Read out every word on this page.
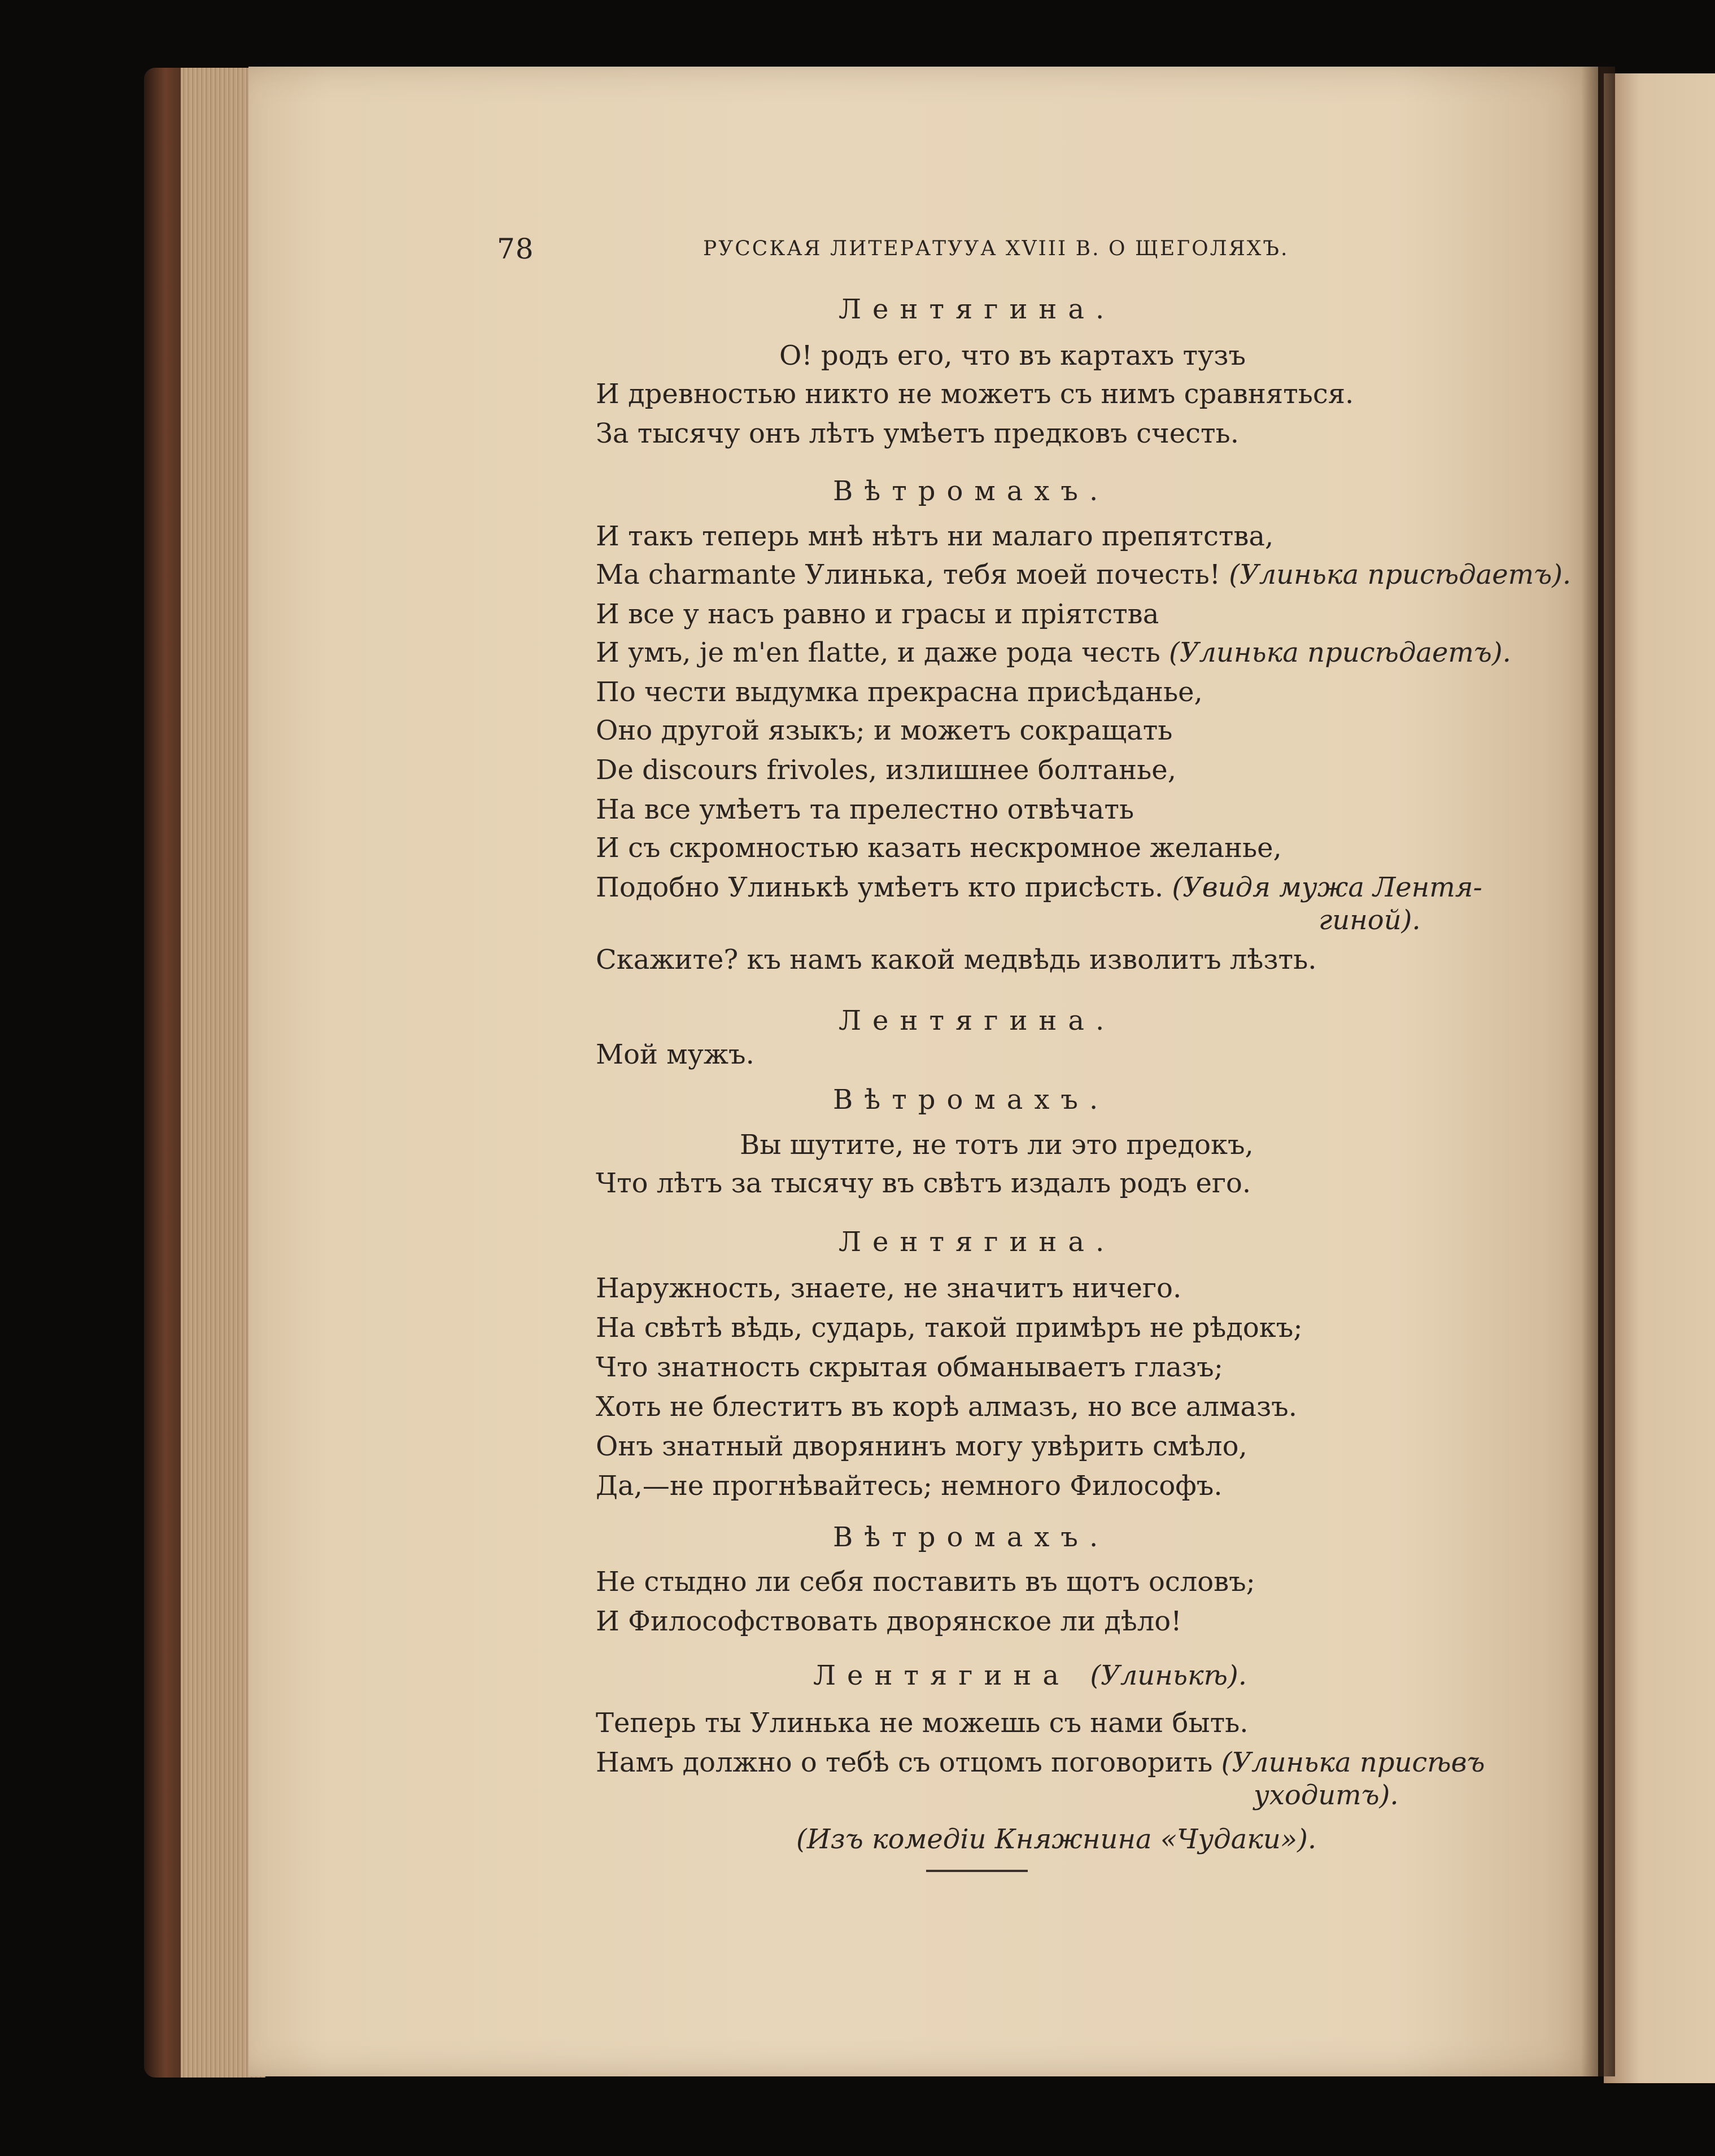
78	РУССКАЯ ЛИТЕРАТУУА XVIII В. О ЩЕГОЛЯХЪ.
Лентягина.
О! родъ его, что въ картахъ тузъ
И древностью никто не можетъ съ нимъ сравняться.
За тысячу онъ лѣтъ умѣетъ предковъ счесть.
Вѣтромахъ.
И такъ теперь мнѣ нѣтъ ни малаго препятства,
Ma charmante Улинька, тебя моей почесть! (Улинька присѣдаетъ).
И все у насъ равно и грасы и пріятства
И умъ, je m'en flatte, и даже рода честь (Улинька присѣдаетъ).
По чести выдумка прекрасна присѣданье,
Оно другой языкъ; и можетъ сокращать
De discours frivoles, излишнее болтанье,
На все умѣетъ та прелестно отвѣчать
И съ скромностью казать нескромное желанье,
Подобно Улинькѣ умѣетъ кто присѣсть. (Увидя мужа Лентя-
гиной).
Скажите? къ намъ какой медвѣдь изволитъ лѣзть.
Лентягина.
Мой мужъ.
Вѣтромахъ.
Вы шутите, не тотъ ли это предокъ,
Что лѣтъ за тысячу въ свѣтъ издалъ родъ его.
Лентягина.
Наружность, знаете, не значитъ ничего.
На свѣтѣ вѣдь, сударь, такой примѣръ не рѣдокъ;
Что знатность скрытая обманываетъ глазъ;
Хоть не блеститъ въ корѣ алмазъ, но все алмазъ.
Онъ знатный дворянинъ могу увѣрить смѣло,
Да,—не прогнѣвайтесь; немного Философъ.
Вѣтромахъ.
Не стыдно ли себя поставить въ щотъ ословъ;
И Философствовать дворянское ли дѣло!
Лентягина (Улинькѣ).
Теперь ты Улинька не можешь съ нами быть.
Намъ должно о тебѣ съ отцомъ поговорить (Улинька присѣвъ
уходитъ).
(Изъ комедіи Княжнина «Чудаки»).
